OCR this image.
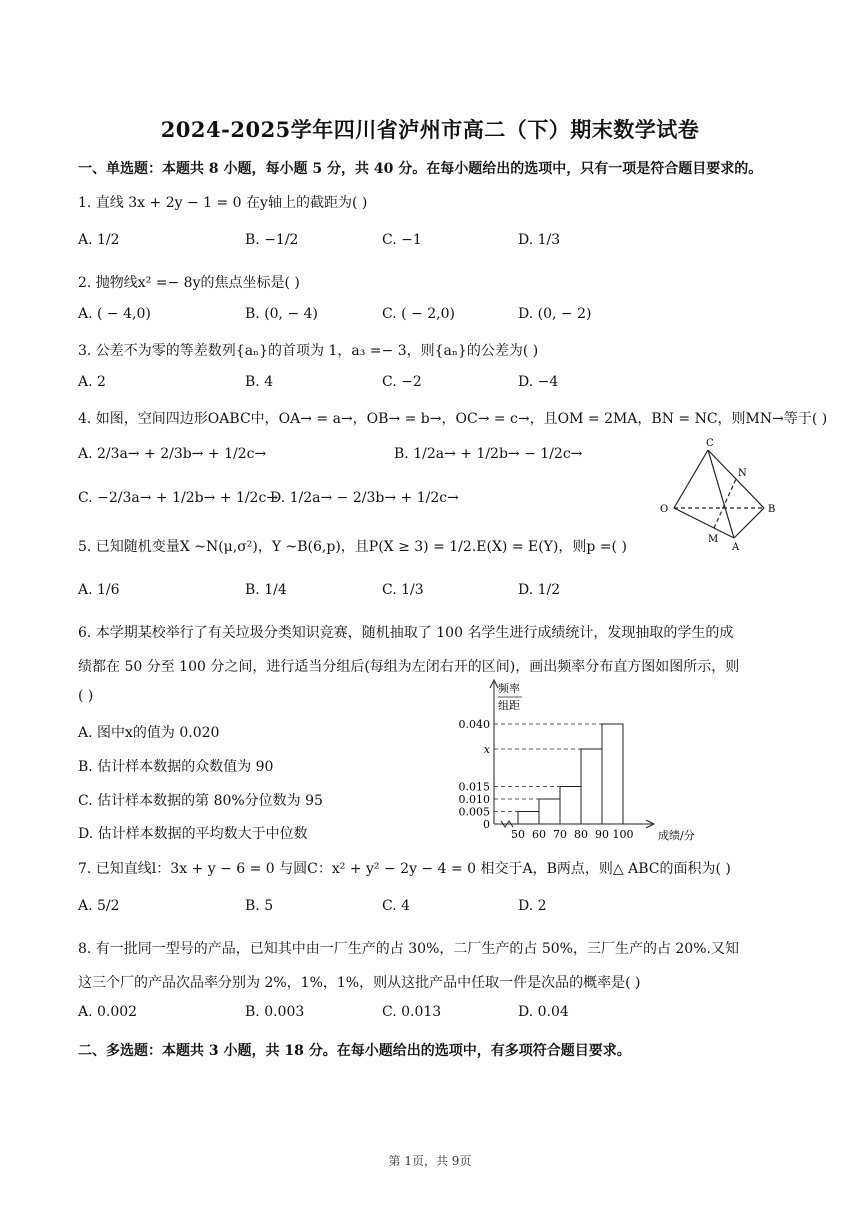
2024-2025学年四川省泸州市高二（下）期末数学试卷
一、单选题：本题共 8 小题，每小题 5 分，共 40 分。在每小题给出的选项中，只有一项是符合题目要求的。
1. 直线 3x + 2y − 1 = 0 在y轴上的截距为( )
A. 1/2	B. −1/2	C. −1	D. 1/3
2. 抛物线x² =− 8y的焦点坐标是( )
A. ( − 4,0)	B. (0, − 4)	C. ( − 2,0)	D. (0, − 2)
3. 公差不为零的等差数列{aₙ}的首项为 1，a₃ =− 3，则{aₙ}的公差为( )
A. 2	B. 4	C. −2	D. −4
4. 如图，空间四边形OABC中，OA→ = a→，OB→ = b→，OC→ = c→，且OM = 2MA，BN = NC，则MN→等于( )
A. 2/3a→ + 2/3b→ + 1/2c→	B. 1/2a→ + 1/2b→ − 1/2c→
C. −2/3a→ + 1/2b→ + 1/2c→
D. 1/2a→ − 2/3b→ + 1/2c→
C
N
O	B
M
A
5. 已知随机变量X ~N(μ,σ²)，Y ~B(6,p)，且P(X ≥ 3) = 1/2.E(X) = E(Y)，则p =( )
A. 1/6	B. 1/4	C. 1/3	D. 1/2
6. 本学期某校举行了有关垃圾分类知识竞赛，随机抽取了 100 名学生进行成绩统计，发现抽取的学生的成
绩都在 50 分至 100 分之间，进行适当分组后(每组为左闭右开的区间)，画出频率分布直方图如图所示，则
( )
A. 图中x的值为 0.020
B. 估计样本数据的众数值为 90
C. 估计样本数据的第 80%分位数为 95
D. 估计样本数据的平均数大于中位数
频率
组距
成绩/分
0.040
x
0.015
0.010
0.005
0
50 60 70 80 90 100
7. 已知直线l：3x + y − 6 = 0 与圆C：x² + y² − 2y − 4 = 0 相交于A，B两点，则△ ABC的面积为( )
A. 5/2	B. 5	C. 4	D. 2
8. 有一批同一型号的产品，已知其中由一厂生产的占 30%，二厂生产的占 50%，三厂生产的占 20%.又知
这三个厂的产品次品率分别为 2%，1%，1%，则从这批产品中任取一件是次品的概率是( )
A. 0.002	B. 0.003	C. 0.013	D. 0.04
二、多选题：本题共 3 小题，共 18 分。在每小题给出的选项中，有多项符合题目要求。
第 1页，共 9页
